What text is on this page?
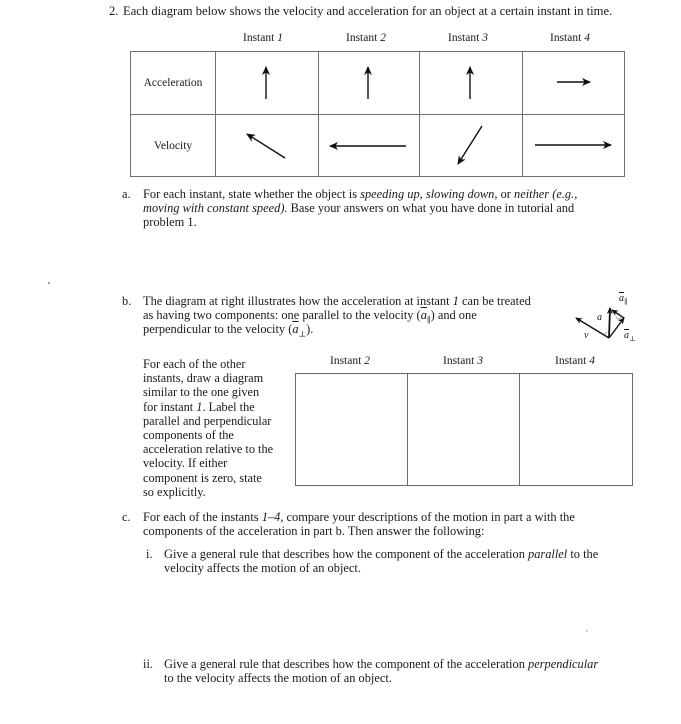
2. Each diagram below shows the velocity and acceleration for an object at a certain instant in time.
Instant 1	Instant 2	Instant 3	Instant 4
Acceleration				
Velocity				
a. For each instant, state whether the object is speeding up, slowing down, or neither (e.g.,
moving with constant speed). Base your answers on what you have done in tutorial and
problem 1.
b. The diagram at right illustrates how the acceleration at instant 1 can be treated
as having two components: one parallel to the velocity $(\overline{a}_\parallel)$ and one
perpendicular to the velocity $(\overline{a}_\perp)$.
$\overline{a}_\parallel$
a
v	$\overline{a}_\perp$
For each of the other
instants, draw a diagram
similar to the one given
for instant 1. Label the
parallel and perpendicular
components of the
acceleration relative to the
velocity. If either
component is zero, state
so explicitly.
Instant 2	Instant 3	Instant 4
c. For each of the instants 1–4, compare your descriptions of the motion in part a with the
components of the acceleration in part b. Then answer the following:
i. Give a general rule that describes how the component of the acceleration parallel to the
velocity affects the motion of an object.
ii. Give a general rule that describes how the component of the acceleration perpendicular
to the velocity affects the motion of an object.
